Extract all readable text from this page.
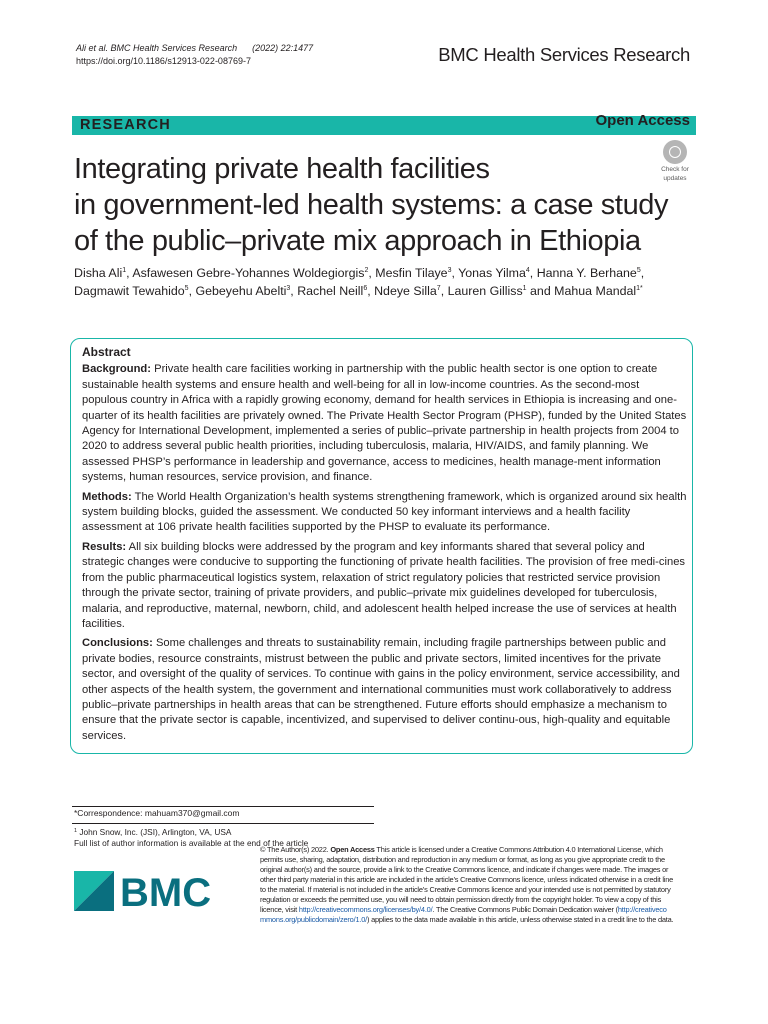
Ali et al. BMC Health Services Research (2022) 22:1477
https://doi.org/10.1186/s12913-022-08769-7	BMC Health Services Research
RESEARCH	Open Access
Integrating private health facilities
in government-led health systems: a case study
of the public–private mix approach in Ethiopia
Check for
updates
Disha Ali$^1$, Asfawesen Gebre-Yohannes Woldegiorgis$^2$, Mesfin Tilaye$^3$, Yonas Yilma$^4$, Hanna Y. Berhane$^5$,
Dagmawit Tewahido$^5$, Gebeyehu Abelti$^3$, Rachel Neill$^6$, Ndeye Silla$^7$, Lauren Gilliss$^1$ and Mahua Mandal$^{1*}$
Abstract

Background: Private health care facilities working in partnership with the public health sector is one option to create sustainable health systems and ensure health and well-being for all in low-income countries. As the second-most populous country in Africa with a rapidly growing economy, demand for health services in Ethiopia is increasing and one-quarter of its health facilities are privately owned. The Private Health Sector Program (PHSP), funded by the United States Agency for International Development, implemented a series of public–private partnership in health projects from 2004 to 2020 to address several public health priorities, including tuberculosis, malaria, HIV/AIDS, and family planning. We assessed PHSP’s performance in leadership and governance, access to medicines, health manage-ment information systems, human resources, service provision, and finance.

Methods: The World Health Organization’s health systems strengthening framework, which is organized around six health system building blocks, guided the assessment. We conducted 50 key informant interviews and a health facility assessment at 106 private health facilities supported by the PHSP to evaluate its performance.

Results: All six building blocks were addressed by the program and key informants shared that several policy and strategic changes were conducive to supporting the functioning of private health facilities. The provision of free medi-cines from the public pharmaceutical logistics system, relaxation of strict regulatory policies that restricted service provision through the private sector, training of private providers, and public–private mix guidelines developed for tuberculosis, malaria, and reproductive, maternal, newborn, child, and adolescent health helped increase the use of services at health facilities.

Conclusions: Some challenges and threats to sustainability remain, including fragile partnerships between public and private bodies, resource constraints, mistrust between the public and private sectors, limited incentives for the private sector, and oversight of the quality of services. To continue with gains in the policy environment, service accessibility, and other aspects of the health system, the government and international communities must work collaboratively to address public–private partnerships in health areas that can be strengthened. Future efforts should emphasize a mechanism to ensure that the private sector is capable, incentivized, and supervised to deliver continu-ous, high-quality and equitable services.

*Correspondence: mahuam370@gmail.com
$^1$ John Snow, Inc. (JSI), Arlington, VA, USA
Full list of author information is available at the end of the article
BMC
© The Author(s) 2022. Open Access This article is licensed under a Creative Commons Attribution 4.0 International License, which
permits use, sharing, adaptation, distribution and reproduction in any medium or format, as long as you give appropriate credit to the
original author(s) and the source, provide a link to the Creative Commons licence, and indicate if changes were made. The images or
other third party material in this article are included in the article’s Creative Commons licence, unless indicated otherwise in a credit line
to the material. If material is not included in the article’s Creative Commons licence and your intended use is not permitted by statutory
regulation or exceeds the permitted use, you will need to obtain permission directly from the copyright holder. To view a copy of this
licence, visit http://creativecommons.org/licenses/by/4.0/. The Creative Commons Public Domain Dedication waiver (http://creativeco
mmons.org/publicdomain/zero/1.0/) applies to the data made available in this article, unless otherwise stated in a credit line to the data.
